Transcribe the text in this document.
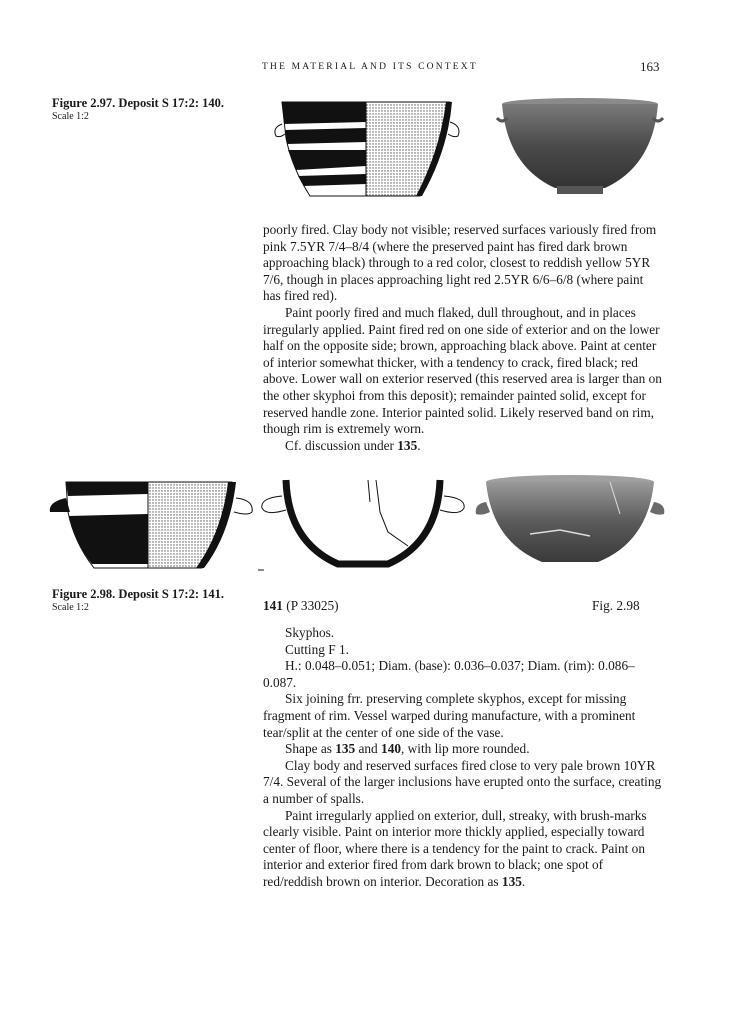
THE MATERIAL AND ITS CONTEXT	163
Figure 2.97. Deposit S 17:2: 140.
Scale 1:2

poorly fired. Clay body not visible; reserved surfaces variously fired from pink 7.5YR 7/4–8/4 (where the preserved paint has fired dark brown approaching black) through to a red color, closest to reddish yellow 5YR 7/6, though in places approaching light red 2.5YR 6/6–6/8 (where paint has fired red).

Paint poorly fired and much flaked, dull throughout, and in places irregularly applied. Paint fired red on one side of exterior and on the lower half on the opposite side; brown, approaching black above. Paint at center of interior somewhat thicker, with a tendency to crack, fired black; red above. Lower wall on exterior reserved (this reserved area is larger than on the other skyphoi from this deposit); remainder painted solid, except for reserved handle zone. Interior painted solid. Likely reserved band on rim, though rim is extremely worn.

Cf. discussion under 135.

Figure 2.98. Deposit S 17:2: 141.
Scale 1:2	141 (P 33025)	Fig. 2.98

Skyphos.

Cutting F 1.

H.: 0.048–0.051; Diam. (base): 0.036–0.037; Diam. (rim): 0.086–0.087.

Six joining frr. preserving complete skyphos, except for missing fragment of rim. Vessel warped during manufacture, with a prominent tear/split at the center of one side of the vase.

Shape as 135 and 140, with lip more rounded.

Clay body and reserved surfaces fired close to very pale brown 10YR 7/4. Several of the larger inclusions have erupted onto the surface, creating a number of spalls.

Paint irregularly applied on exterior, dull, streaky, with brush-marks clearly visible. Paint on interior more thickly applied, especially toward center of floor, where there is a tendency for the paint to crack. Paint on interior and exterior fired from dark brown to black; one spot of red/reddish brown on interior. Decoration as 135.
